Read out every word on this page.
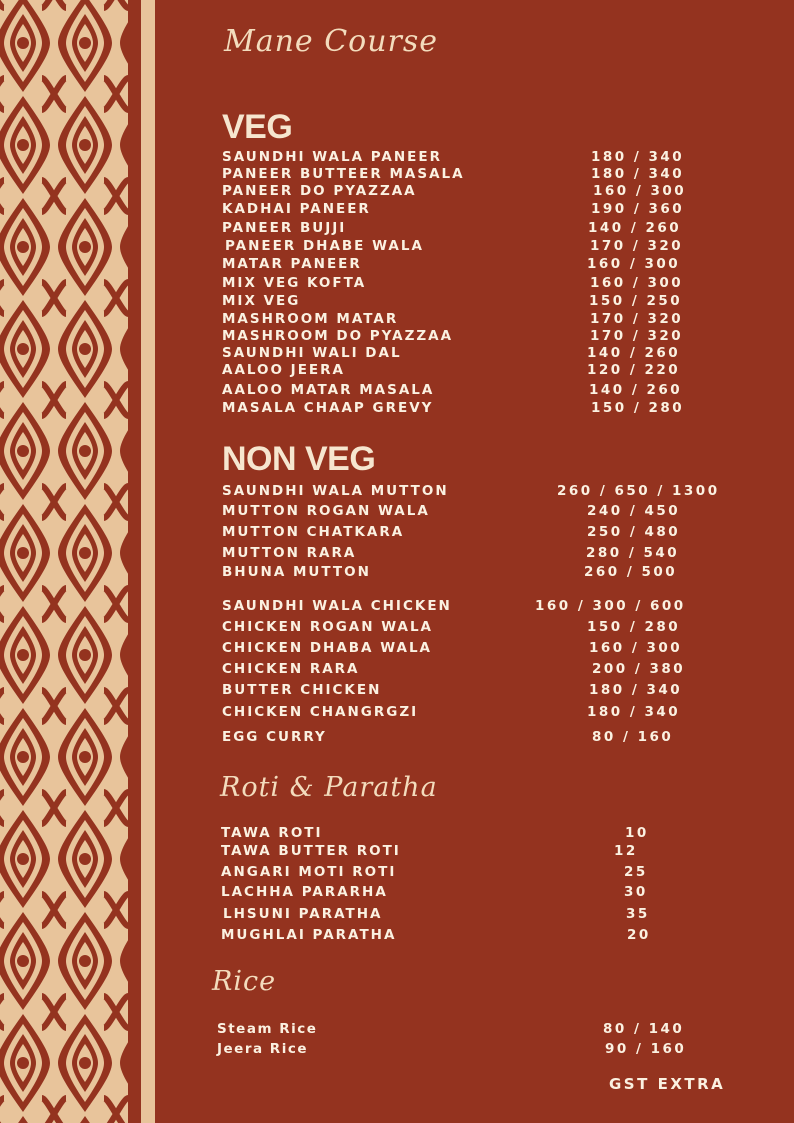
Mane Course
VEG
NON VEG
Roti & Paratha
Rice
SAUNDHI WALA PANEER	180 / 340
PANEER BUTTEER MASALA	180 / 340
PANEER DO PYAZZAA	160 / 300
KADHAI PANEER	190 / 360
PANEER BUJJI	140 / 260
PANEER DHABE WALA	170 / 320
MATAR PANEER	160 / 300
MIX VEG KOFTA	160 / 300
MIX VEG	150 / 250
MASHROOM MATAR	170 / 320
MASHROOM DO PYAZZAA	170 / 320
SAUNDHI WALI DAL	140 / 260
AALOO JEERA	120 / 220
AALOO MATAR MASALA	140 / 260
MASALA CHAAP GREVY	150 / 280
SAUNDHI WALA MUTTON	260 / 650 / 1300
MUTTON ROGAN WALA	240 / 450
MUTTON CHATKARA	250 / 480
MUTTON RARA	280 / 540
BHUNA MUTTON	260 / 500
SAUNDHI WALA CHICKEN	160 / 300 / 600
CHICKEN ROGAN WALA	150 / 280
CHICKEN DHABA WALA	160 / 300
CHICKEN RARA	200 / 380
BUTTER CHICKEN	180 / 340
CHICKEN CHANGRGZI	180 / 340
EGG CURRY	80 / 160
TAWA ROTI	10
TAWA BUTTER ROTI	12
ANGARI MOTI ROTI	25
LACHHA PARARHA	30
LHSUNI PARATHA	35
MUGHLAI PARATHA	20
Steam Rice	80 / 140
Jeera Rice	90 / 160
GST EXTRA
